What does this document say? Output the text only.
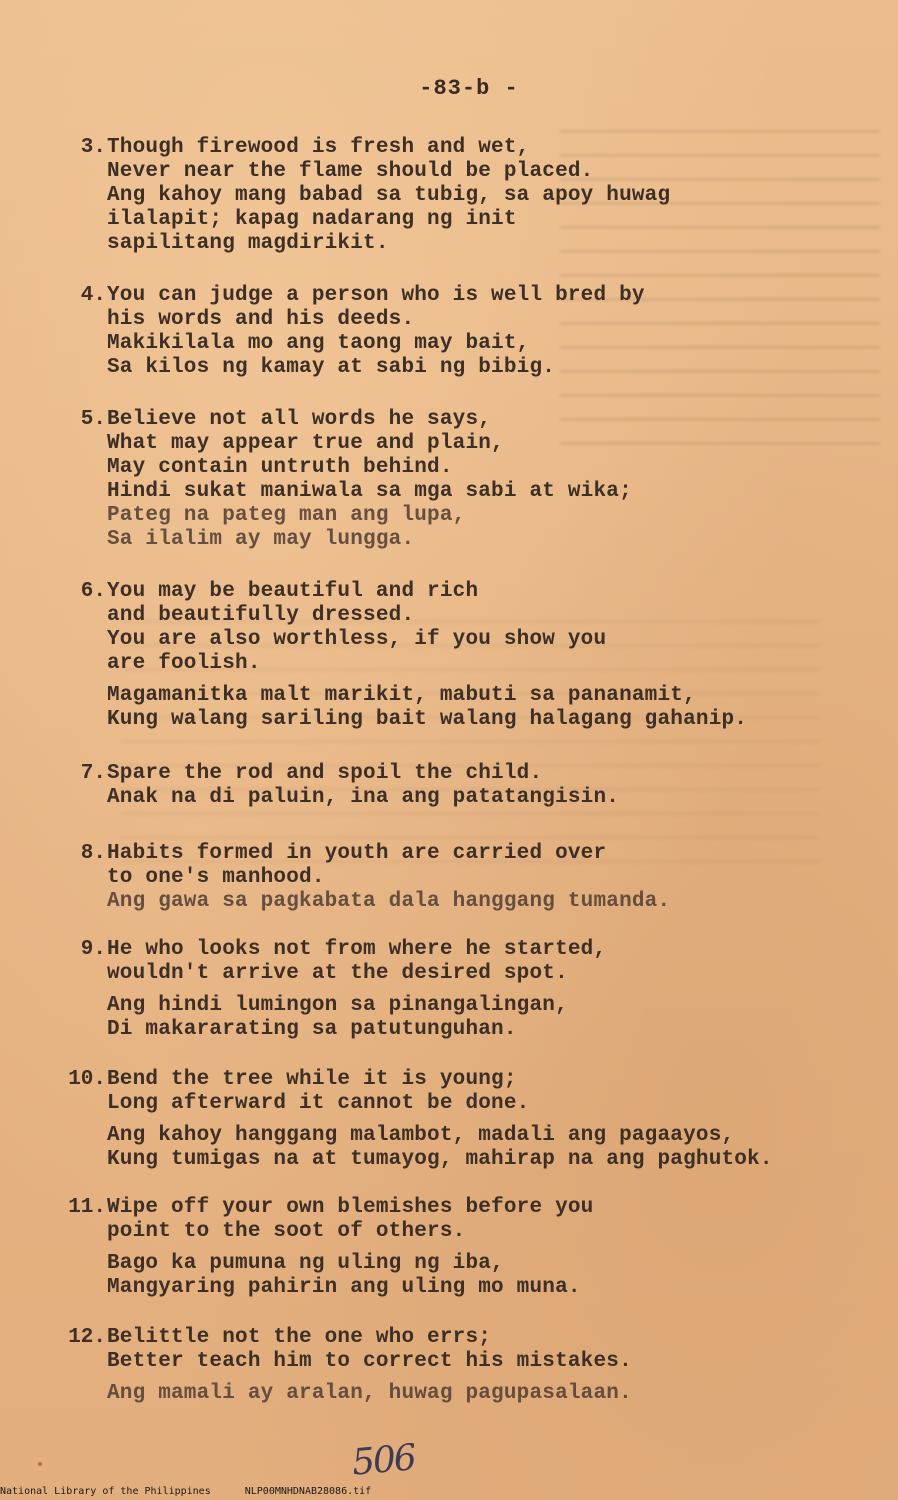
-83-b -
3. Though firewood is fresh and wet,
Never near the flame should be placed.
Ang kahoy mang babad sa tubig, sa apoy huwag
ilalapit; kapag nadarang ng init
sapilitang magdirikit.
4. You can judge a person who is well bred by
his words and his deeds.
Makikilala mo ang taong may bait,
Sa kilos ng kamay at sabi ng bibig.
5. Believe not all words he says,
What may appear true and plain,
May contain untruth behind.
Hindi sukat maniwala sa mga sabi at wika;
Pateg na pateg man ang lupa,
Sa ilalim ay may lungga.
6. You may be beautiful and rich
and beautifully dressed.
You are also worthless, if you show you
are foolish.
Magamanitka malt marikit, mabuti sa pananamit,
Kung walang sariling bait walang halagang gahanip.
7. Spare the rod and spoil the child.
Anak na di paluin, ina ang patatangisin.
8. Habits formed in youth are carried over
to one's manhood.
Ang gawa sa pagkabata dala hanggang tumanda.
9. He who looks not from where he started,
wouldn't arrive at the desired spot.
Ang hindi lumingon sa pinangalingan,
Di makararating sa patutunguhan.
10. Bend the tree while it is young;
Long afterward it cannot be done.
Ang kahoy hanggang malambot, madali ang pagaayos,
Kung tumigas na at tumayog, mahirap na ang paghutok.
11. Wipe off your own blemishes before you
point to the soot of others.
Bago ka pumuna ng uling ng iba,
Mangyaring pahirin ang uling mo muna.
12. Belittle not the one who errs;
Better teach him to correct his mistakes.
Ang mamali ay aralan, huwag pagupasalaan.
506
National Library of the Philippines	NLP00MNHDNAB28086.tif
